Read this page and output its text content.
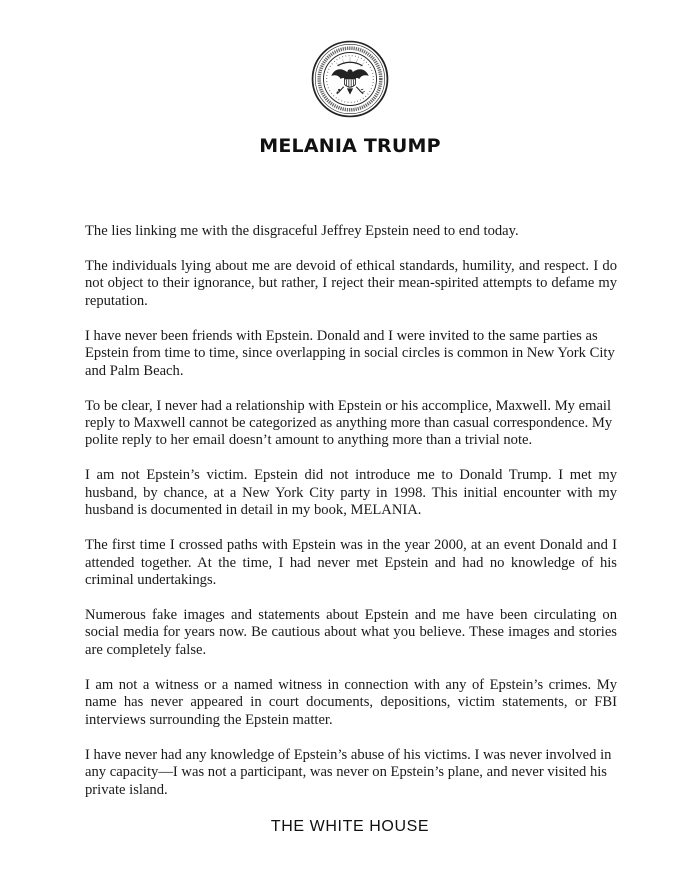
MELANIA TRUMP

The lies linking me with the disgraceful Jeffrey Epstein need to end today.

The individuals lying about me are devoid of ethical standards, humility, and respect. I do not object to their ignorance, but rather, I reject their mean-spirited attempts to defame my reputation.

I have never been friends with Epstein. Donald and I were invited to the same parties as Epstein from time to time, since overlapping in social circles is common in New York City and Palm Beach.

To be clear, I never had a relationship with Epstein or his accomplice, Maxwell. My email reply to Maxwell cannot be categorized as anything more than casual correspondence. My polite reply to her email doesn’t amount to anything more than a trivial note.

I am not Epstein’s victim. Epstein did not introduce me to Donald Trump. I met my husband, by chance, at a New York City party in 1998. This initial encounter with my husband is documented in detail in my book, MELANIA.

The first time I crossed paths with Epstein was in the year 2000, at an event Donald and I attended together. At the time, I had never met Epstein and had no knowledge of his criminal undertakings.

Numerous fake images and statements about Epstein and me have been circulating on social media for years now. Be cautious about what you believe. These images and stories are completely false.

I am not a witness or a named witness in connection with any of Epstein’s crimes. My name has never appeared in court documents, depositions, victim statements, or FBI interviews surrounding the Epstein matter.

I have never had any knowledge of Epstein’s abuse of his victims. I was never involved in any capacity—I was not a participant, was never on Epstein’s plane, and never visited his private island.

THE WHITE HOUSE
